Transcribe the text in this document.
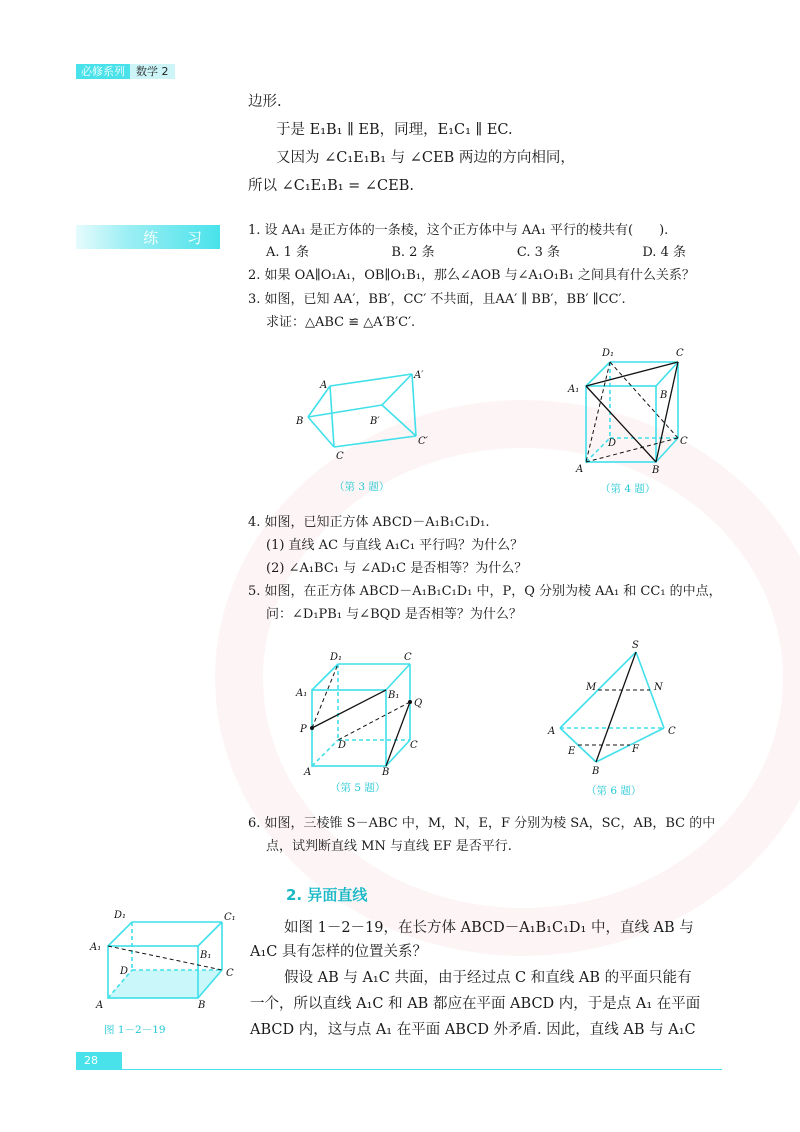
必修系列	数学 2
边形.
于是 E₁B₁ ∥ EB，同理，E₁C₁ ∥ EC.
又因为 ∠C₁E₁B₁ 与 ∠CEB 两边的方向相同，
所以 ∠C₁E₁B₁ = ∠CEB.
练 习	1. 设 AA₁ 是正方体的一条棱，这个正方体中与 AA₁ 平行的棱共有(　　).
A. 1 条	B. 2 条	C. 3 条	D. 4 条
2. 如果 OA∥O₁A₁，OB∥O₁B₁，那么∠AOB 与∠A₁O₁B₁ 之间具有什么关系？
3. 如图，已知 AA′，BB′，CC′ 不共面，且AA′ ∥ BB′，BB′ ∥CC′.
求证：△ABC ≌ △A′B′C′.
A
A′
B	B′
C
C′
（第 3 题）
D₁	C
A₁
B
D	C
A	B
（第 4 题）
4. 如图，已知正方体 ABCD－A₁B₁C₁D₁.
(1) 直线 AC 与直线 A₁C₁ 平行吗？为什么？
(2) ∠A₁BC₁ 与 ∠AD₁C 是否相等？为什么？
5. 如图，在正方体 ABCD－A₁B₁C₁D₁ 中，P，Q 分别为棱 AA₁ 和 CC₁ 的中点，
问：∠D₁PB₁ 与∠BQD 是否相等？为什么？
D₁	C
A₁	B₁
P
Q
D	C
A	B
（第 5 题）
S
M	N
A	C
E	F
B
（第 6 题）
6. 如图，三棱锥 S－ABC 中，M，N，E，F 分别为棱 SA，SC，AB，BC 的中
点，试判断直线 MN 与直线 EF 是否平行.
2. 异面直线
D₁	C₁
A₁
B₁
D	C
A	B
图 1－2－19
如图 1－2－19，在长方体 ABCD－A₁B₁C₁D₁ 中，直线 AB 与
A₁C 具有怎样的位置关系？
假设 AB 与 A₁C 共面，由于经过点 C 和直线 AB 的平面只能有
一个，所以直线 A₁C 和 AB 都应在平面 ABCD 内，于是点 A₁ 在平面
ABCD 内，这与点 A₁ 在平面 ABCD 外矛盾. 因此，直线 AB 与 A₁C
28
